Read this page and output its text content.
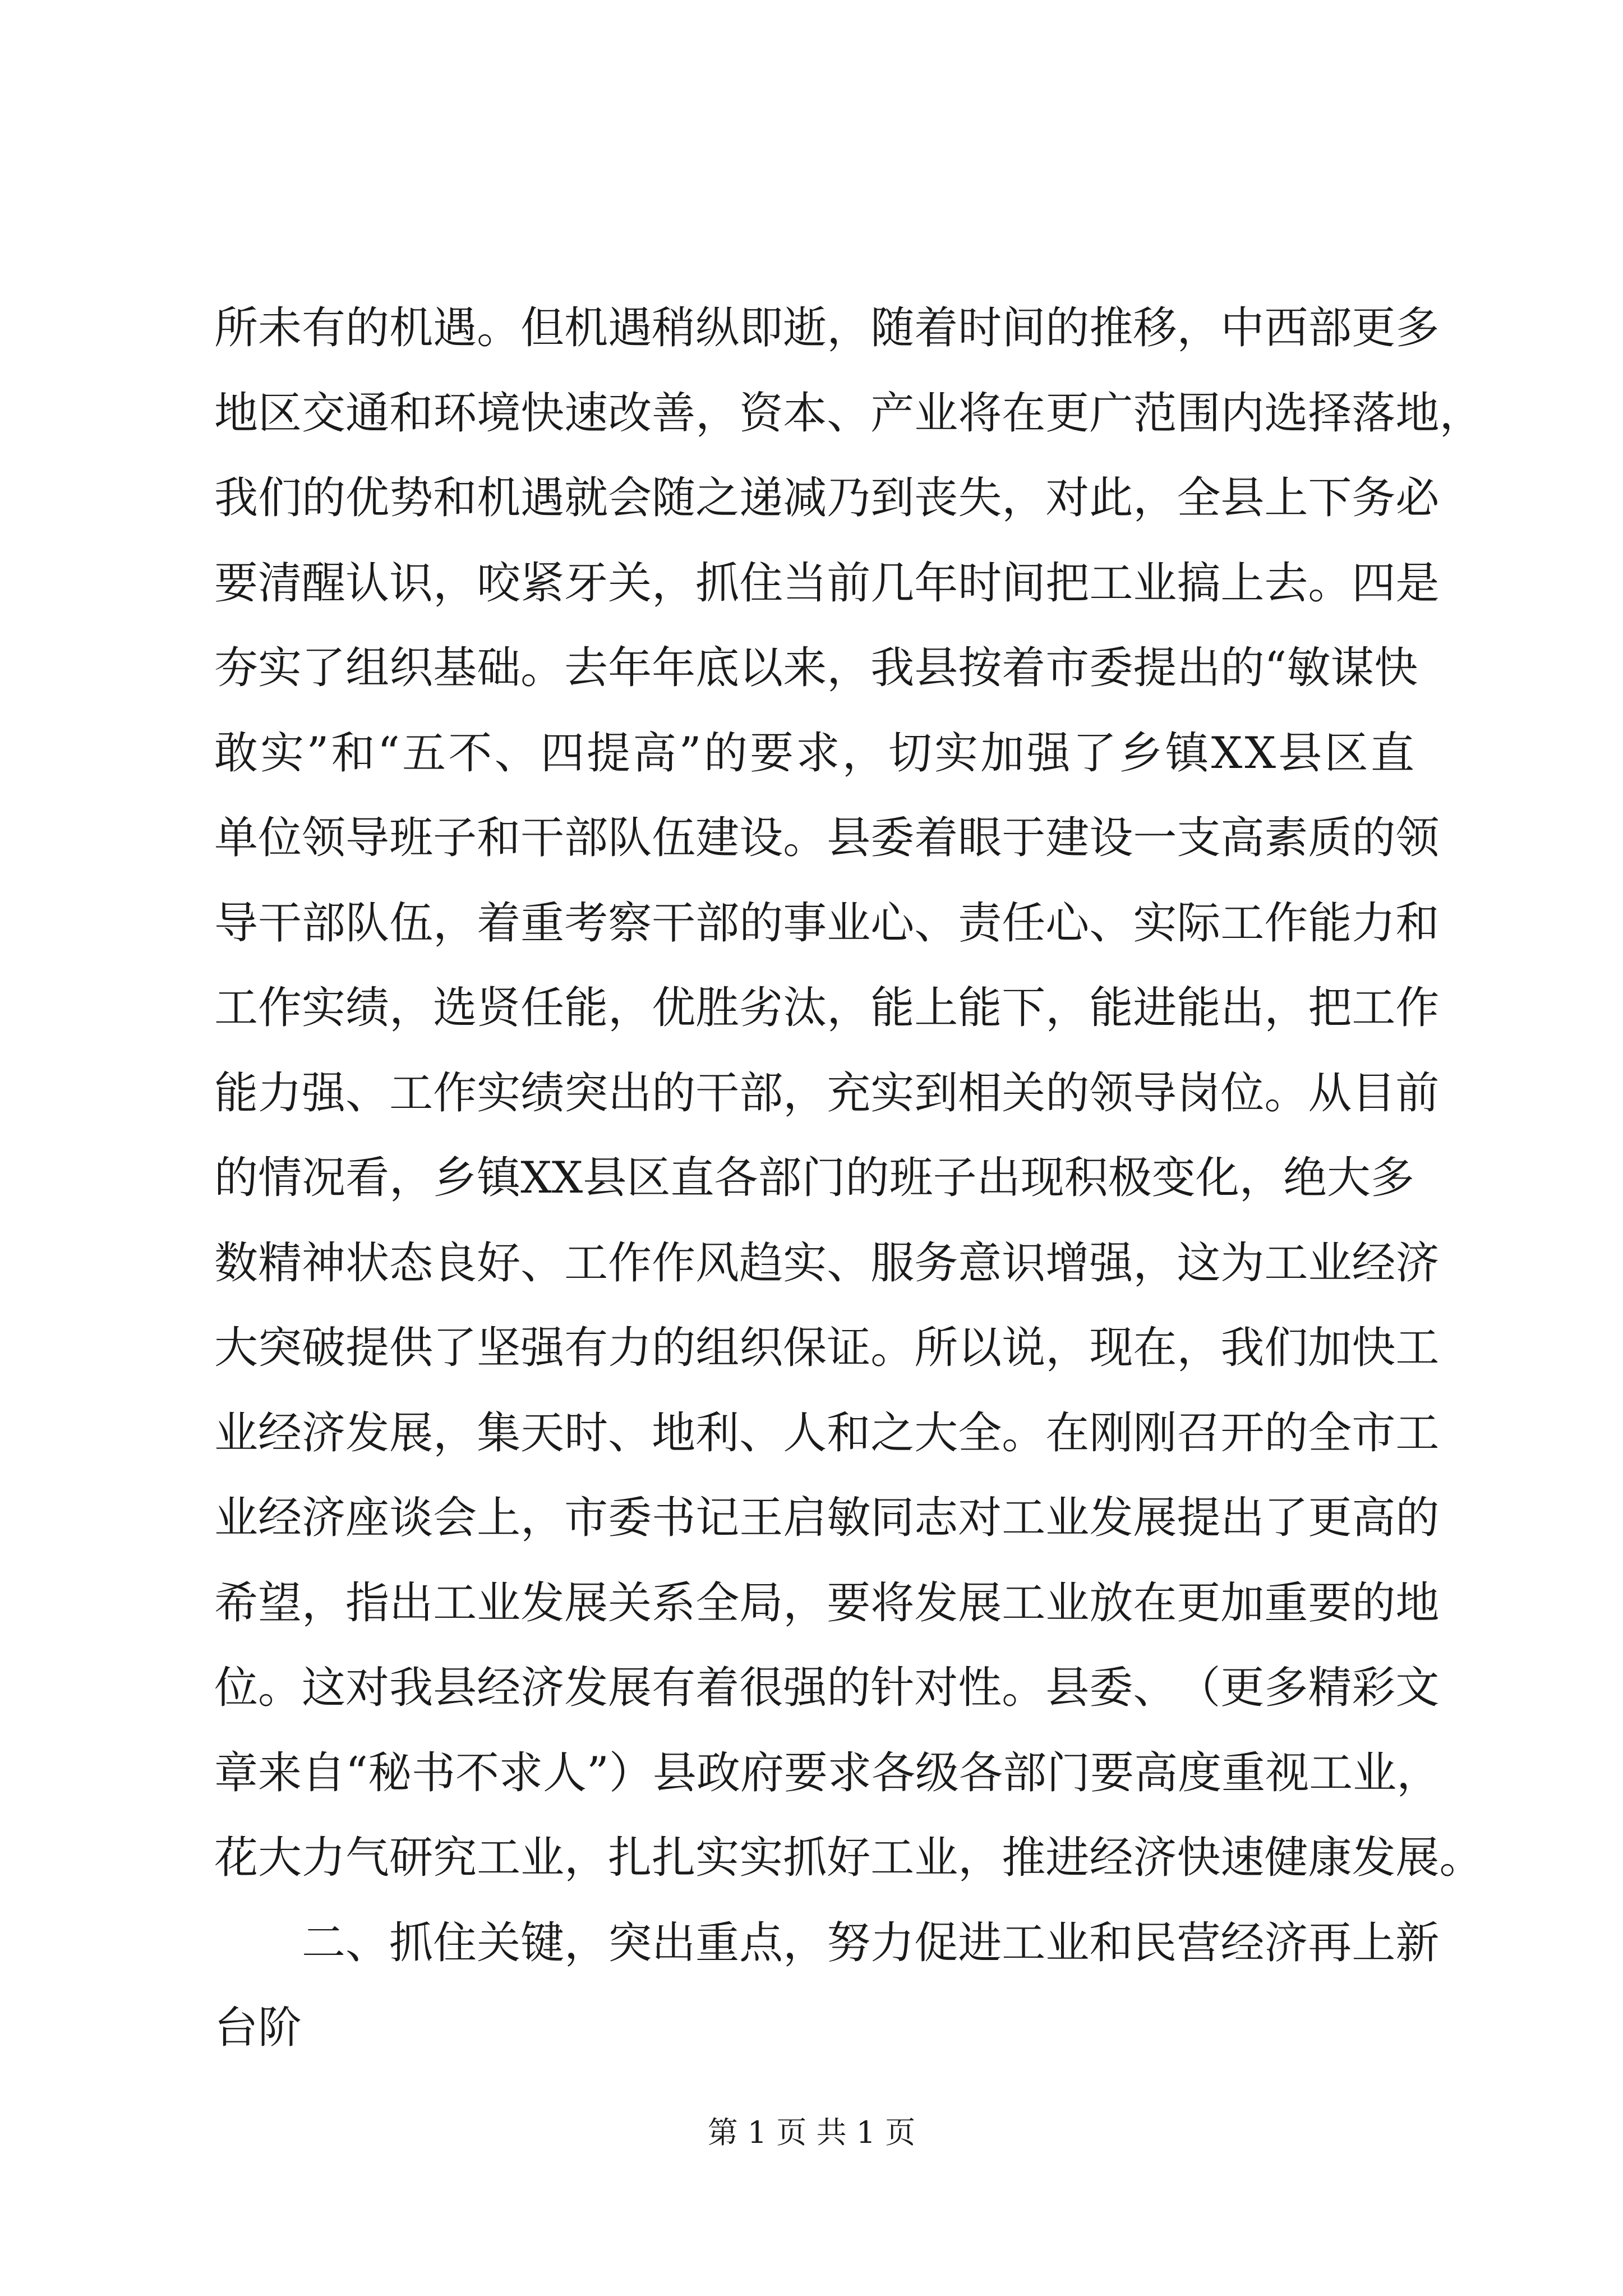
所 未 有 的 机 遇 。 但 机 遇 稍 纵 即 逝 ， 随 着 时 间 的 推 移 ， 中 西 部 更 多
地 区 交 通 和 环 境 快 速 改 善 ， 资 本 、 产 业 将 在 更 广 范 围 内 选 择 落 地 ，
我 们 的 优 势 和 机 遇 就 会 随 之 递 减 乃 到 丧 失 ， 对 此 ， 全 县 上 下 务 必
要 清 醒 认 识 ， 咬 紧 牙 关 ， 抓 住 当 前 几 年 时 间 把 工 业 搞 上 去 。 四 是
夯 实 了 组 织 基 础 。 去 年 年 底 以 来 ， 我 县 按 着 市 委 提 出 的 “ 敏 谋 快
敢 实 ” 和 “ 五 不 、 四 提 高 ” 的 要 求 ， 切 实 加 强 了 乡 镇 X X 县 区 直
单 位 领 导 班 子 和 干 部 队 伍 建 设 。 县 委 着 眼 于 建 设 一 支 高 素 质 的 领
导 干 部 队 伍 ， 着 重 考 察 干 部 的 事 业 心 、 责 任 心 、 实 际 工 作 能 力 和
工 作 实 绩 ， 选 贤 任 能 ， 优 胜 劣 汰 ， 能 上 能 下 ， 能 进 能 出 ， 把 工 作
能 力 强 、 工 作 实 绩 突 出 的 干 部 ， 充 实 到 相 关 的 领 导 岗 位 。 从 目 前
的 情 况 看 ， 乡 镇 X X 县 区 直 各 部 门 的 班 子 出 现 积 极 变 化 ， 绝 大 多
数 精 神 状 态 良 好 、 工 作 作 风 趋 实 、 服 务 意 识 增 强 ， 这 为 工 业 经 济
大 突 破 提 供 了 坚 强 有 力 的 组 织 保 证 。 所 以 说 ， 现 在 ， 我 们 加 快 工
业 经 济 发 展 ， 集 天 时 、 地 利 、 人 和 之 大 全 。 在 刚 刚 召 开 的 全 市 工
业 经 济 座 谈 会 上 ， 市 委 书 记 王 启 敏 同 志 对 工 业 发 展 提 出 了 更 高 的
希 望 ， 指 出 工 业 发 展 关 系 全 局 ， 要 将 发 展 工 业 放 在 更 加 重 要 的 地
位 。 这 对 我 县 经 济 发 展 有 着 很 强 的 针 对 性 。 县 委 、 （ 更 多 精 彩 文
章 来 自 “ 秘 书 不 求 人 ” ） 县 政 府 要 求 各 级 各 部 门 要 高 度 重 视 工 业 ，
花 大 力 气 研 究 工 业 ， 扎 扎 实 实 抓 好 工 业 ， 推 进 经 济 快 速 健 康 发 展 。
二 、 抓 住 关 键 ， 突 出 重 点 ， 努 力 促 进 工 业 和 民 营 经 济 再 上 新
台阶
第 1 页 共 1 页
